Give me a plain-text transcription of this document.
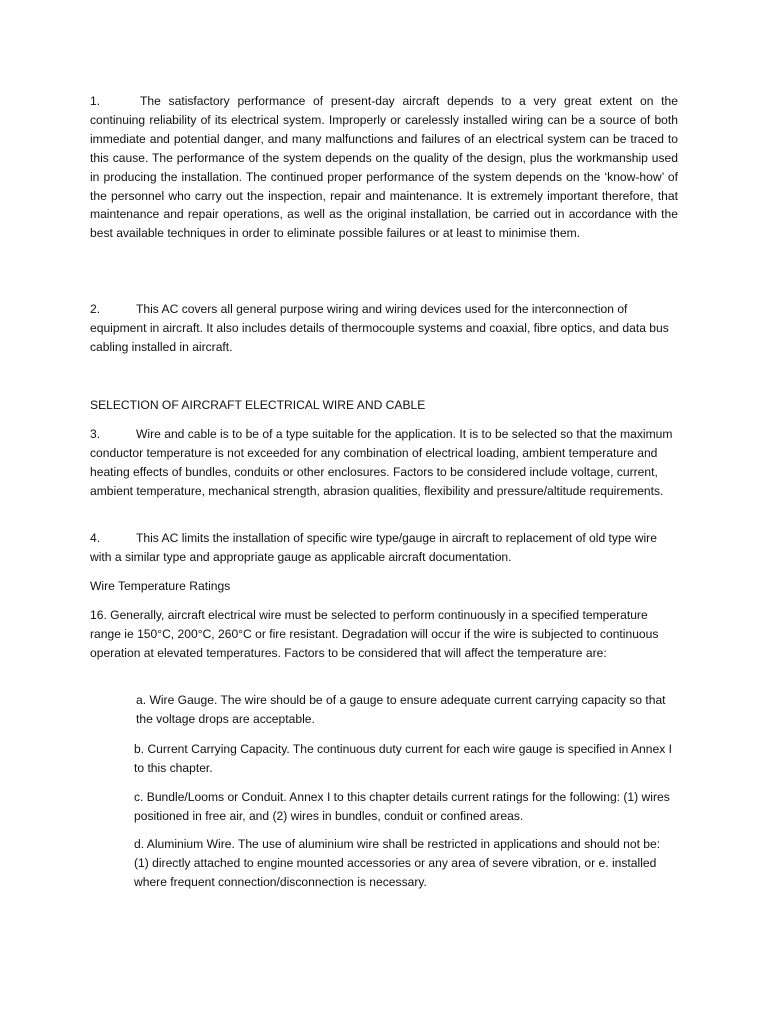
1.	The satisfactory performance of present-day aircraft depends to a very great extent on the continuing reliability of its electrical system. Improperly or carelessly installed wiring can be a source of both immediate and potential danger, and many malfunctions and failures of an electrical system can be traced to this cause. The performance of the system depends on the quality of the design, plus the workmanship used in producing the installation. The continued proper performance of the system depends on the ‘know-how’ of the personnel who carry out the inspection, repair and maintenance. It is extremely important therefore, that maintenance and repair operations, as well as the original installation, be carried out in accordance with the best available techniques in order to eliminate possible failures or at least to minimise them.

2.	This AC covers all general purpose wiring and wiring devices used for the interconnection of equipment in aircraft. It also includes details of thermocouple systems and coaxial, fibre optics, and data bus cabling installed in aircraft.

SELECTION OF AIRCRAFT ELECTRICAL WIRE AND CABLE

3.	Wire and cable is to be of a type suitable for the application. It is to be selected so that the maximum conductor temperature is not exceeded for any combination of electrical loading, ambient temperature and heating effects of bundles, conduits or other enclosures. Factors to be considered include voltage, current, ambient temperature, mechanical strength, abrasion qualities, flexibility and pressure/altitude requirements.

4.	This AC limits the installation of specific wire type/gauge in aircraft to replacement of old type wire with a similar type and appropriate gauge as applicable aircraft documentation.

Wire Temperature Ratings

16. Generally, aircraft electrical wire must be selected to perform continuously in a specified temperature range ie 150°C, 200°C, 260°C or fire resistant. Degradation will occur if the wire is subjected to continuous operation at elevated temperatures. Factors to be considered that will affect the temperature are:

a. Wire Gauge. The wire should be of a gauge to ensure adequate current carrying capacity so that the voltage drops are acceptable.

b. Current Carrying Capacity. The continuous duty current for each wire gauge is specified in Annex I to this chapter.

c. Bundle/Looms or Conduit. Annex I to this chapter details current ratings for the following: (1) wires positioned in free air, and (2) wires in bundles, conduit or confined areas.

d. Aluminium Wire. The use of aluminium wire shall be restricted in applications and should not be: (1) directly attached to engine mounted accessories or any area of severe vibration, or e. installed where frequent connection/disconnection is necessary.
